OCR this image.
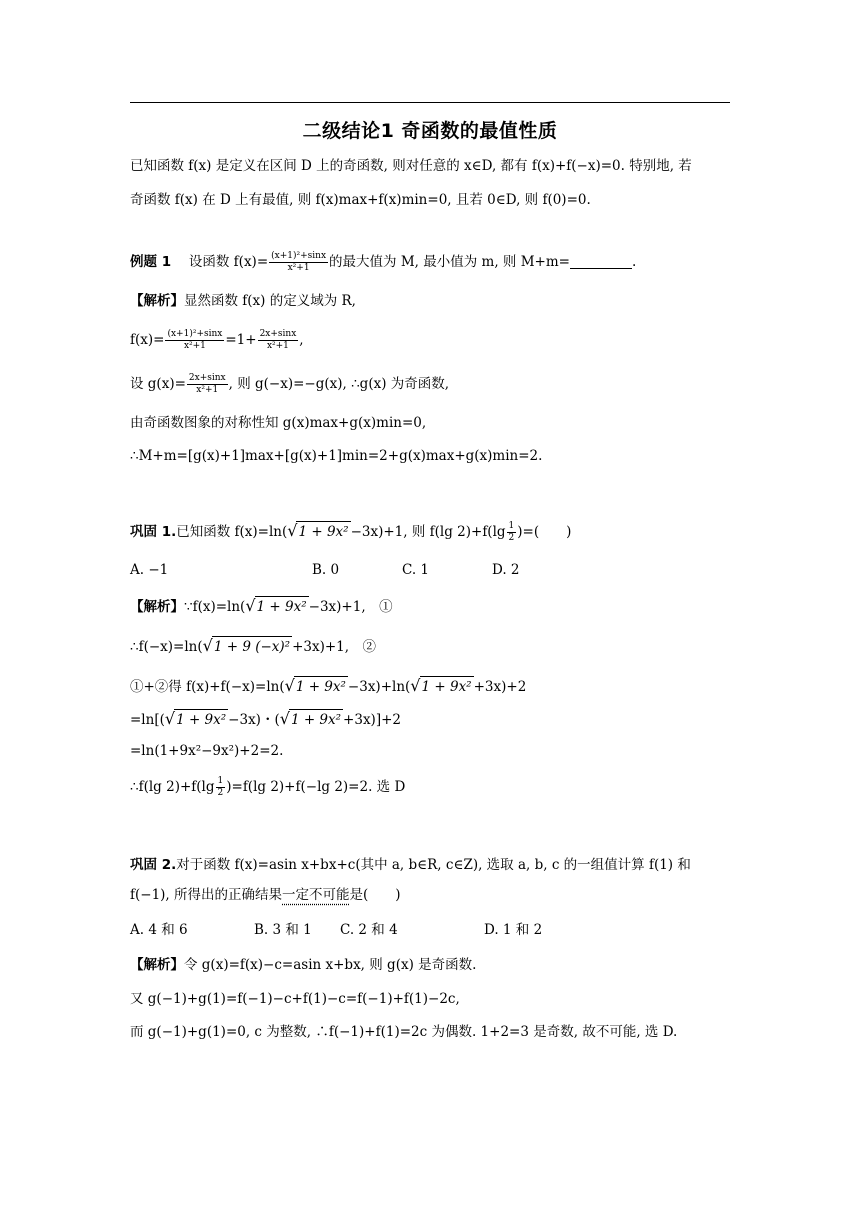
二级结论1 奇函数的最值性质
已知函数 f(x) 是定义在区间 D 上的奇函数, 则对任意的 x∈D, 都有 f(x)+f(−x)=0. 特别地, 若
奇函数 f(x) 在 D 上有最值, 则 f(x)max+f(x)min=0, 且若 0∈D, 则 f(0)=0.
例题 1　 设函数 $f(x)= \frac{\text{(x+1)²+sinx}}{\text{x²+1}}$ 的最大值为 M, 最小值为 m, 则 M+m=	.
【解析】显然函数 f(x) 的定义域为 R,
$f(x)= \frac{\text{(x+1)²+sinx}}{\text{x²+1}} =1+ \frac{2x+\sin x}{\text{x²+1}}$ ,
设 $g(x)= \frac{2x+\sin x}{\text{x²+1}}$ , 则 g(−x)=−g(x), ∴g(x) 为奇函数,
由奇函数图象的对称性知 g(x)max+g(x)min=0,
∴M+m=[g(x)+1]max+[g(x)+1]min=2+g(x)max+g(x)min=2.
巩固 1.已知函数 f(x)=ln(√1 + 9x² −3x)+1, 则 f(lg $2)+f(\lg \frac{1}{2}$ )=(　　)
A. −1	B. 0	C. 1	D. 2
【解析】∵f(x)=ln(√1 + 9x² −3x)+1,　①
∴f(−x)=ln(√1 + 9 (−x)² +3x)+1,　②
①+②得 f(x)+f(−x)=ln(√1 + 9x² −3x)+ln(√1 + 9x² +3x)+2
=ln[(√1 + 9x² −3x)・(√1 + 9x² +3x)]+2
=ln(1+9x²−9x²)+2=2.
∴f(lg $2)+f(\lg \frac{1}{2} )=f(\lg$ 2)+f(−lg 2)=2. 选 D
巩固 2.对于函数 f(x)=asin x+bx+c(其中 a, b∈R, c∈Z), 选取 a, b, c 的一组值计算 f(1) 和
f(−1), 所得出的正确结果一定不可能是(　　)
A. 4 和 6	B. 3 和 1 C. 2 和 4	D. 1 和 2
【解析】令 g(x)=f(x)−c=asin x+bx, 则 g(x) 是奇函数.
又 g(−1)+g(1)=f(−1)−c+f(1)−c=f(−1)+f(1)−2c,
而 g(−1)+g(1)=0, c 为整数, ∴f(−1)+f(1)=2c 为偶数. 1+2=3 是奇数, 故不可能, 选 D.
